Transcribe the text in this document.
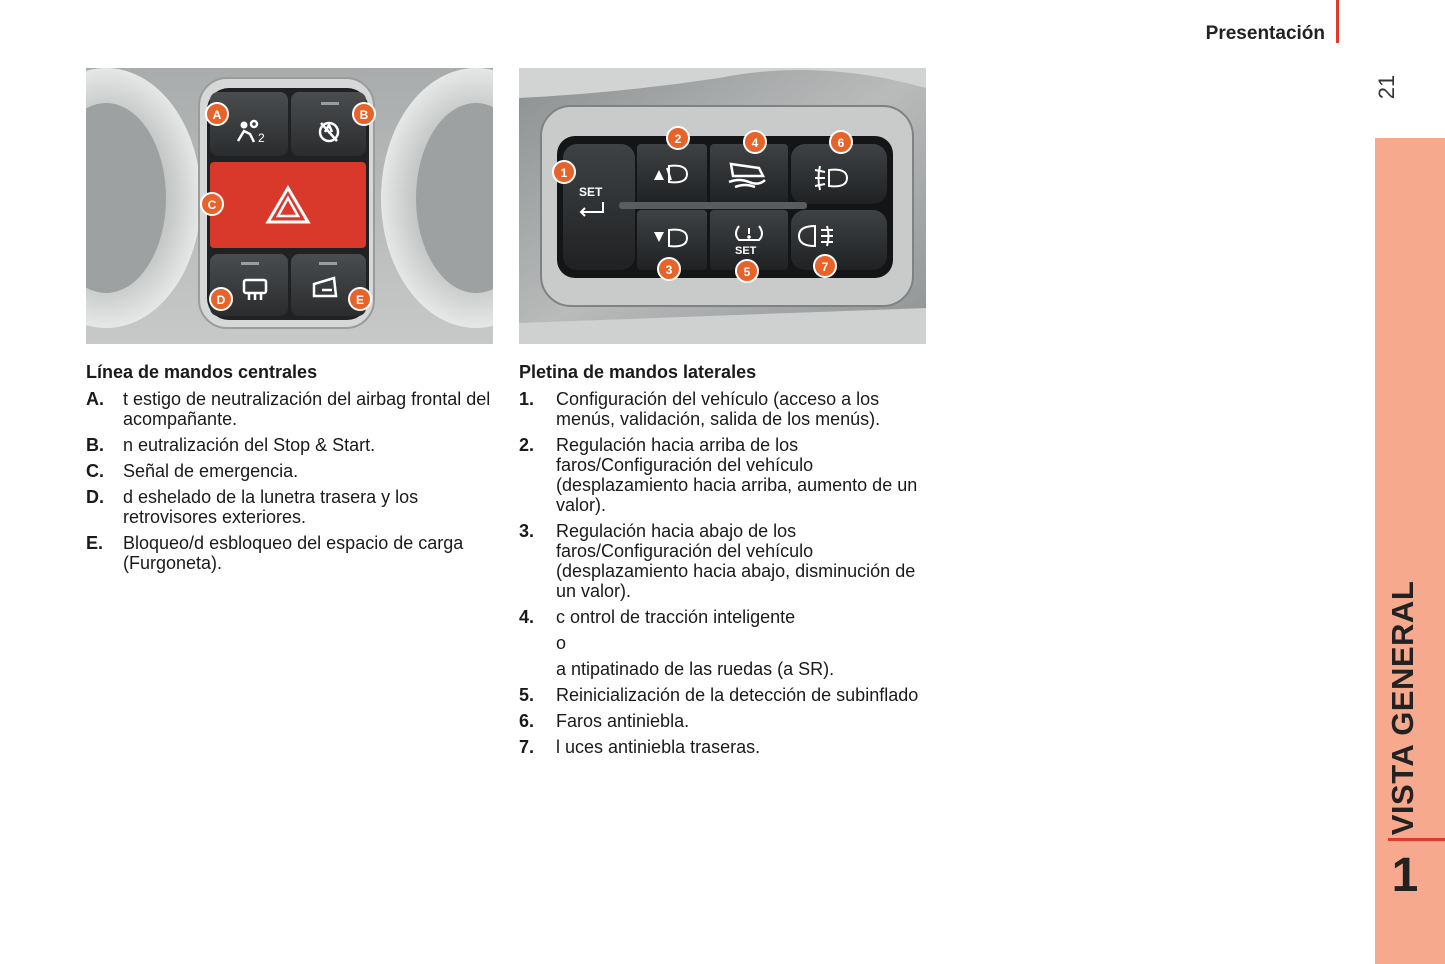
Presentación
21
VISTA GENERAL
1
2
A	B
C
D	E
SET
SET
1
2
3
4
5
6
7
Línea de mandos centrales
A.	t estigo de neutralización del airbag frontal del acompañante.
B.	n eutralización del Stop & Start.
C.	Señal de emergencia.
D.	d eshelado de la lunetra trasera y los retrovisores exteriores.
E.	Bloqueo/d esbloqueo del espacio de carga (Furgoneta).
Pletina de mandos laterales
1.	Configuración del vehículo (acceso a los menús, validación, salida de los menús).
2.	Regulación hacia arriba de los faros/Configuración del vehículo (desplazamiento hacia arriba, aumento de un valor).
3.	Regulación hacia abajo de los faros/Configuración del vehículo (desplazamiento hacia abajo, disminución de un valor).
4.	c ontrol de tracción inteligente
o
a ntipatinado de las ruedas (a SR).
5.	Reinicialización de la detección de subinflado
6.	Faros antiniebla.
7.	l uces antiniebla traseras.
